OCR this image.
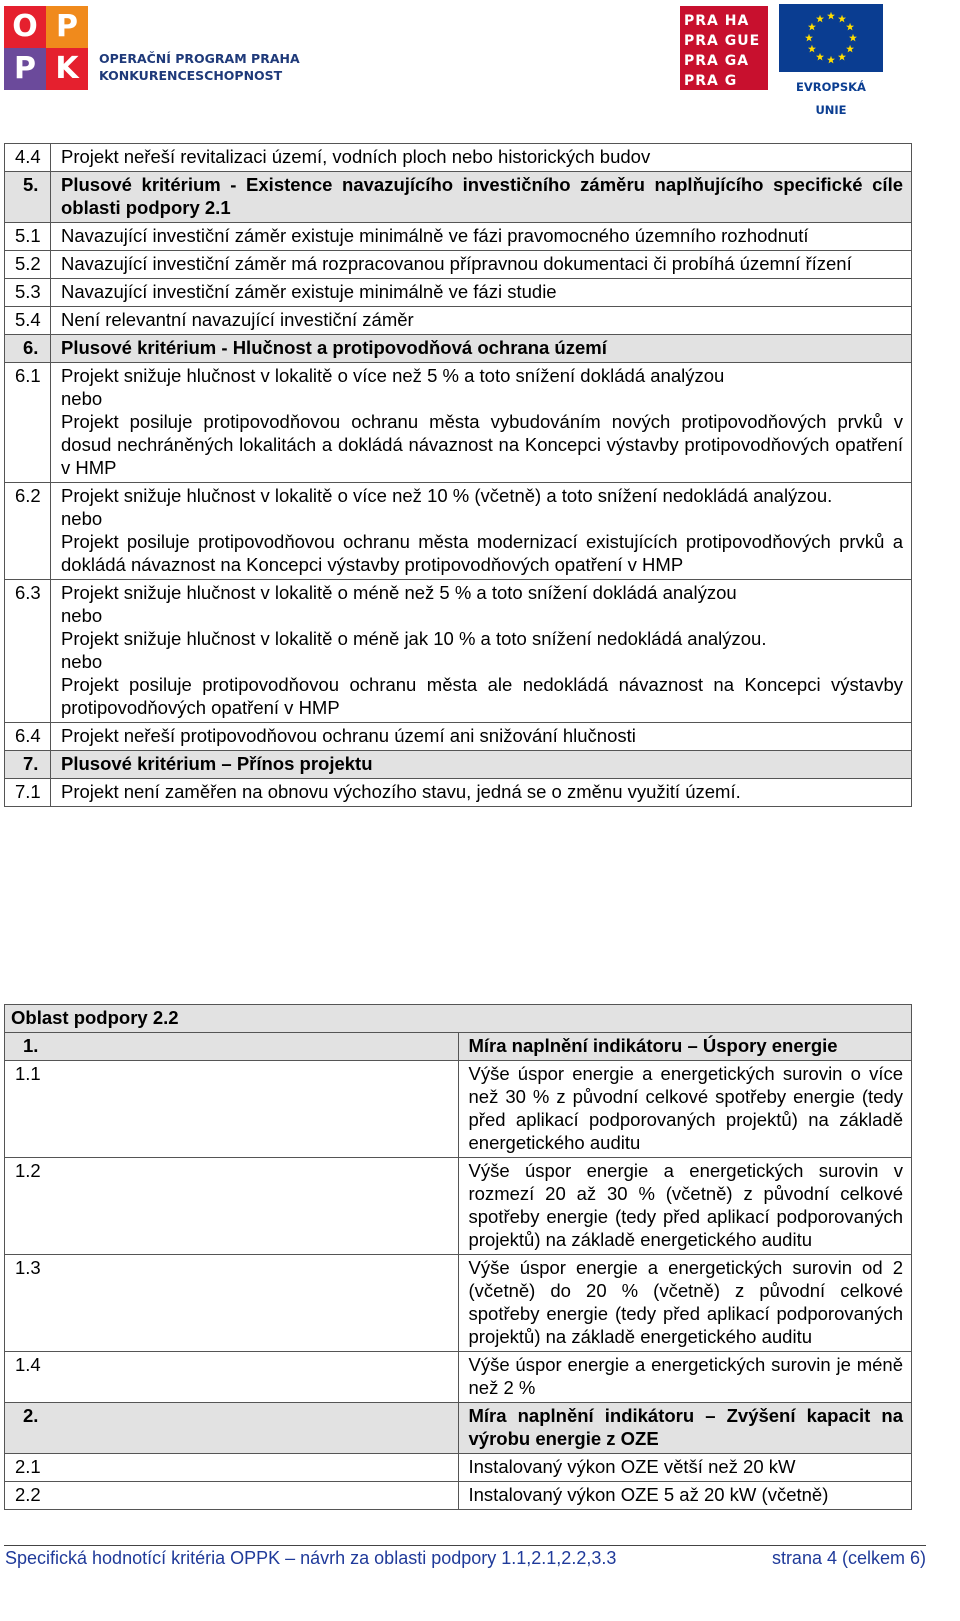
O P
P K	OPERAČNÍ PROGRAM PRAHA
KONKURENCESCHOPNOST
PRA HA
PRA GUE
PRA GA
PRA G	EVROPSKÁ UNIE
4.4	Projekt neřeší revitalizaci území, vodních ploch nebo historických budov

5.	Plusové kritérium - Existence navazujícího investičního záměru naplňujícího specifické cíle oblasti podpory 2.1

5.1	Navazující investiční záměr existuje minimálně ve fázi pravomocného územního rozhodnutí

5.2	Navazující investiční záměr má rozpracovanou přípravnou dokumentaci či probíhá územní řízení

5.3	Navazující investiční záměr existuje minimálně ve fázi studie

5.4	Není relevantní navazující investiční záměr

6.	Plusové kritérium - Hlučnost a protipovodňová ochrana území

6.1	Projekt snižuje hlučnost v lokalitě o více než 5 % a toto snížení dokládá analýzou
nebo
Projekt posiluje protipovodňovou ochranu města vybudováním nových protipovodňových prvků v dosud nechráněných lokalitách a dokládá návaznost na Koncepci výstavby protipovodňových opatření v HMP

6.2	Projekt snižuje hlučnost v lokalitě o více než 10 % (včetně) a toto snížení nedokládá analýzou.
nebo
Projekt posiluje protipovodňovou ochranu města modernizací existujících protipovodňových prvků a dokládá návaznost na Koncepci výstavby protipovodňových opatření v HMP

6.3	Projekt snižuje hlučnost v lokalitě o méně než 5 % a toto snížení dokládá analýzou
nebo
Projekt snižuje hlučnost v lokalitě o méně jak 10 % a toto snížení nedokládá analýzou.
nebo
Projekt posiluje protipovodňovou ochranu města ale nedokládá návaznost na Koncepci výstavby protipovodňových opatření v HMP

6.4	Projekt neřeší protipovodňovou ochranu území ani snižování hlučnosti

7.	Plusové kritérium – Přínos projektu

7.1	Projekt není zaměřen na obnovu výchozího stavu, jedná se o změnu využití území.
Oblast podpory 2.2	

1.	Míra naplnění indikátoru – Úspory energie

1.1	Výše úspor energie a energetických surovin o více než 30 % z původní celkové spotřeby energie (tedy před aplikací podporovaných projektů) na základě energetického auditu

1.2	Výše úspor energie a energetických surovin v rozmezí 20 až 30 % (včetně) z původní celkové spotřeby energie (tedy před aplikací podporovaných projektů) na základě energetického auditu

1.3	Výše úspor energie a energetických surovin od 2 (včetně) do 20 % (včetně) z původní celkové spotřeby energie (tedy před aplikací podporovaných projektů) na základě energetického auditu

1.4	Výše úspor energie a energetických surovin je méně než 2 %

2.	Míra naplnění indikátoru – Zvýšení kapacit na výrobu energie z OZE

2.1	Instalovaný výkon OZE větší než 20 kW

2.2	Instalovaný výkon OZE 5 až 20 kW (včetně)
Specifická hodnotící kritéria OPPK – návrh za oblasti podpory 1.1,2.1,2.2,3.3	strana 4 (celkem 6)
